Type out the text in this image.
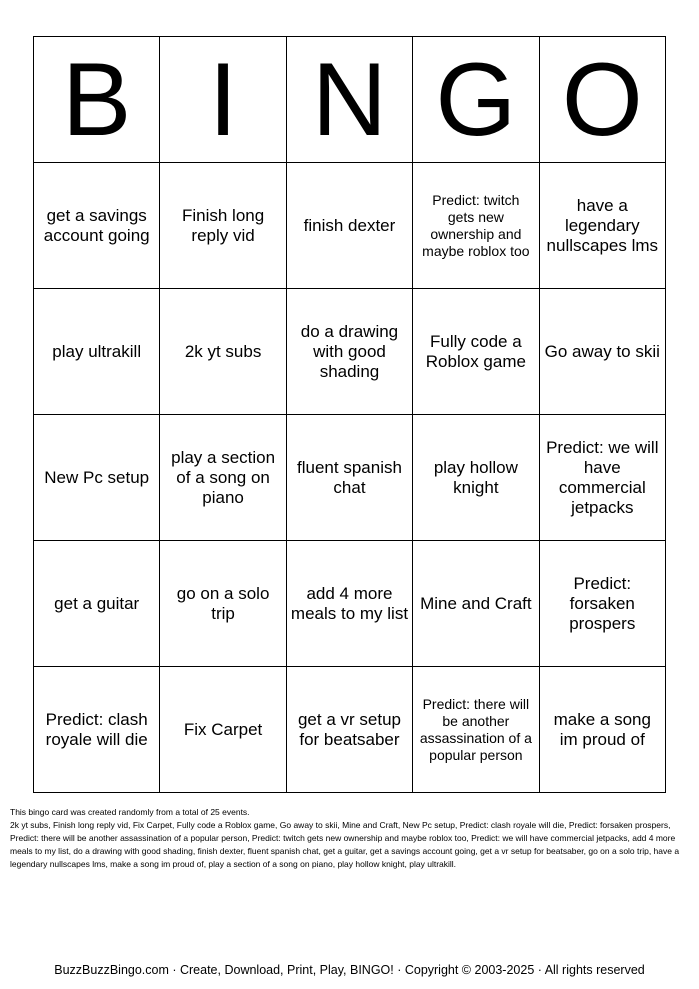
B	I	N	G	O
get a savings account going	Finish long reply vid	finish dexter	Predict: twitch gets new ownership and maybe roblox too	have a legendary nullscapes lms
play ultrakill	2k yt subs	do a drawing with good shading	Fully code a Roblox game	Go away to skii
New Pc setup	play a section of a song on piano	fluent spanish chat	play hollow knight	Predict: we will have commercial jetpacks
get a guitar	go on a solo trip	add 4 more meals to my list	Mine and Craft	Predict: forsaken prospers
Predict: clash royale will die	Fix Carpet	get a vr setup for beatsaber	Predict: there will be another assassination of a popular person	make a song im proud of

This bingo card was created randomly from a total of 25 events.

2k yt subs, Finish long reply vid, Fix Carpet, Fully code a Roblox game, Go away to skii, Mine and Craft, New Pc setup, Predict: clash royale will die, Predict: forsaken prospers, Predict: there will be another assassination of a popular person, Predict: twitch gets new ownership and maybe roblox too, Predict: we will have commercial jetpacks, add 4 more meals to my list, do a drawing with good shading, finish dexter, fluent spanish chat, get a guitar, get a savings account going, get a vr setup for beatsaber, go on a solo trip, have a legendary nullscapes lms, make a song im proud of, play a section of a song on piano, play hollow knight, play ultrakill.

BuzzBuzzBingo.com · Create, Download, Print, Play, BINGO! · Copyright © 2003-2025 · All rights reserved
